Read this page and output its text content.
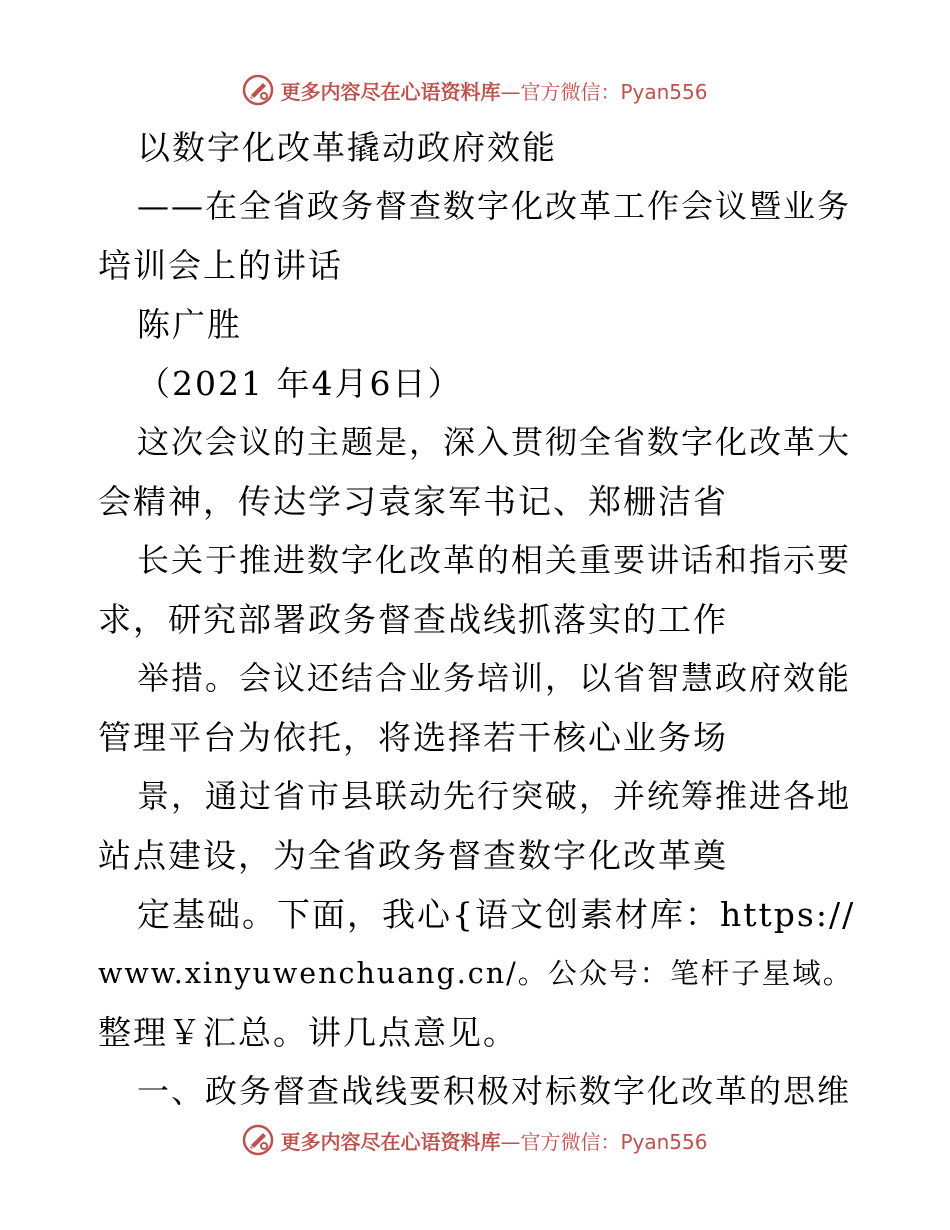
更多内容尽在心语资料库—官方微信：Pyan556
以数字化改革撬动政府效能
——在全省政务督查数字化改革工作会议暨业务
培训会上的讲话
陈广胜
（2021 年4月6日）
这次会议的主题是，深入贯彻全省数字化改革大
会精神，传达学习袁家军书记、郑栅洁省
长关于推进数字化改革的相关重要讲话和指示要
求，研究部署政务督查战线抓落实的工作
举措。会议还结合业务培训，以省智慧政府效能
管理平台为依托，将选择若干核心业务场
景，通过省市县联动先行突破，并统筹推进各地
站点建设，为全省政务督查数字化改革奠
定基础。下面，我心{语文创素材库：https://
www.xinyuwenchuang.cn/。公众号：笔杆子星域。
整理￥汇总。讲几点意见。
一、政务督查战线要积极对标数字化改革的思维
更多内容尽在心语资料库—官方微信：Pyan556
